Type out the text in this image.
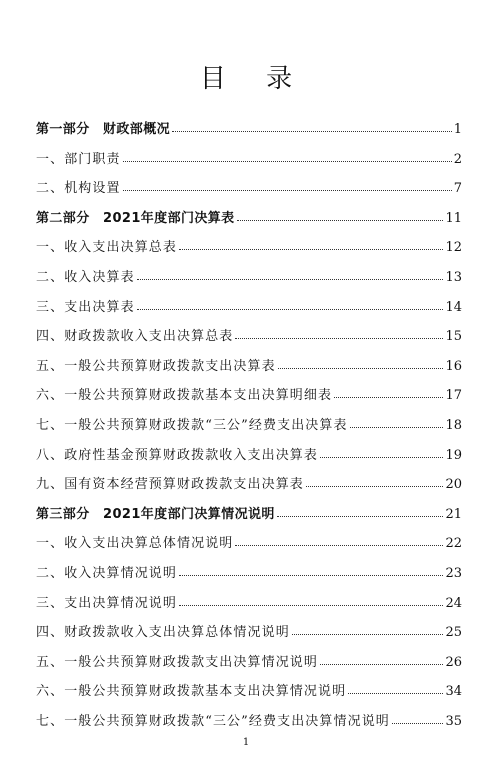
目 录
第一部分　财政部概况	1
一、部门职责	2
二、机构设置	7
第二部分　2021年度部门决算表	11
一、收入支出决算总表	12
二、收入决算表	13
三、支出决算表	14
四、财政拨款收入支出决算总表	15
五、一般公共预算财政拨款支出决算表	16
六、一般公共预算财政拨款基本支出决算明细表	17
七、一般公共预算财政拨款“三公”经费支出决算表	18
八、政府性基金预算财政拨款收入支出决算表	19
九、国有资本经营预算财政拨款支出决算表	20
第三部分　2021年度部门决算情况说明	21
一、收入支出决算总体情况说明	22
二、收入决算情况说明	23
三、支出决算情况说明	24
四、财政拨款收入支出决算总体情况说明	25
五、一般公共预算财政拨款支出决算情况说明	26
六、一般公共预算财政拨款基本支出决算情况说明	34
七、一般公共预算财政拨款“三公”经费支出决算情况说明	35
1
